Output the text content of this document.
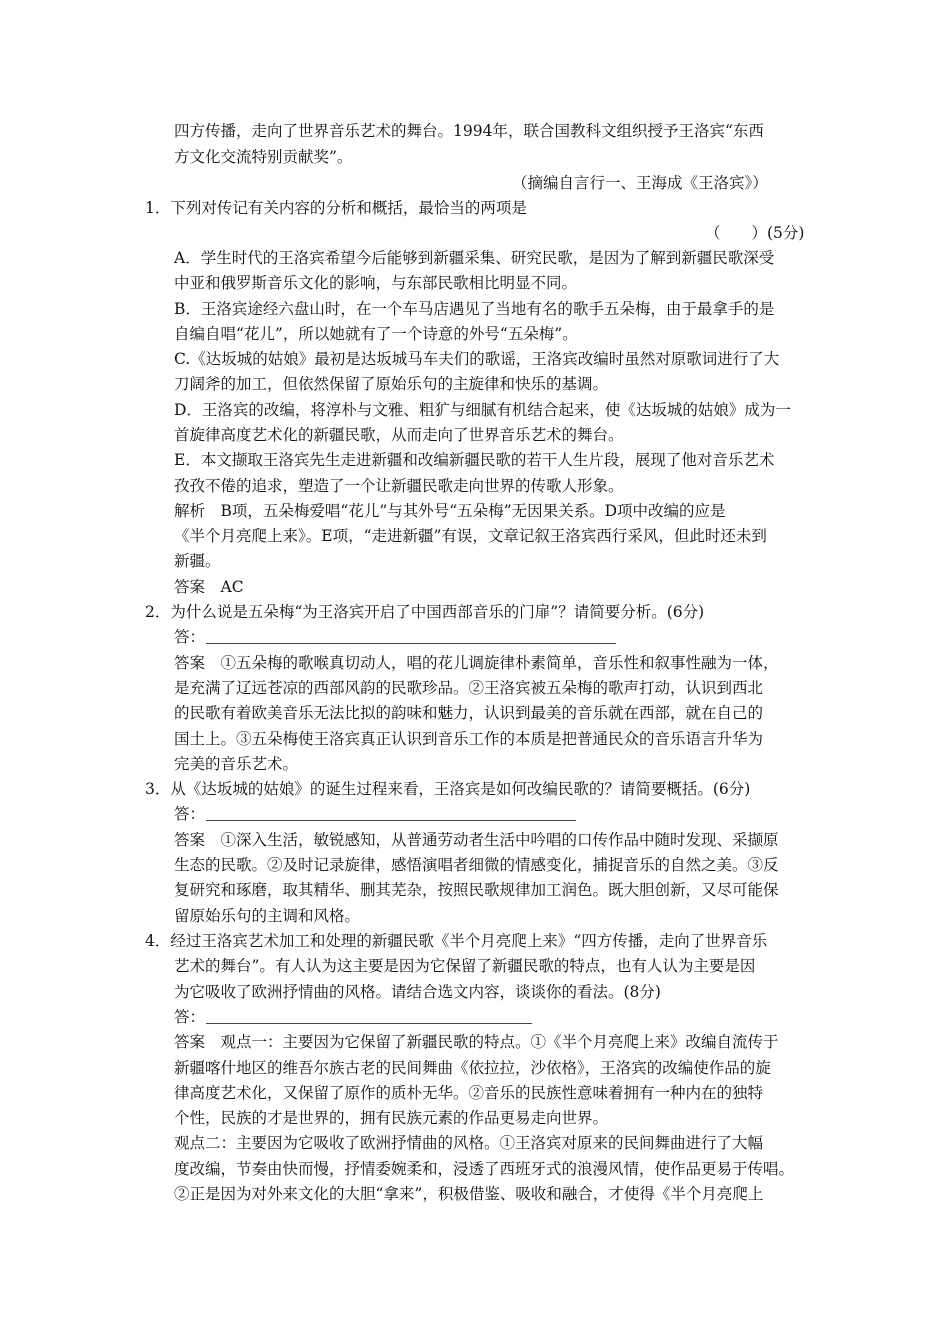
四方传播，走向了世界音乐艺术的舞台。1994年，联合国教科文组织授予王洛宾“东西
方文化交流特别贡献奖”。
（摘编自言行一、王海成《王洛宾》）
1．下列对传记有关内容的分析和概括，最恰当的两项是
（　　）(5分)
A．学生时代的王洛宾希望今后能够到新疆采集、研究民歌，是因为了解到新疆民歌深受
中亚和俄罗斯音乐文化的影响，与东部民歌相比明显不同。
B．王洛宾途经六盘山时，在一个车马店遇见了当地有名的歌手五朵梅，由于最拿手的是
自编自唱“花儿”，所以她就有了一个诗意的外号“五朵梅”。
C.《达坂城的姑娘》最初是达坂城马车夫们的歌谣，王洛宾改编时虽然对原歌词进行了大
刀阔斧的加工，但依然保留了原始乐句的主旋律和快乐的基调。
D．王洛宾的改编，将淳朴与文雅、粗犷与细腻有机结合起来，使《达坂城的姑娘》成为一
首旋律高度艺术化的新疆民歌，从而走向了世界音乐艺术的舞台。
E．本文撷取王洛宾先生走进新疆和改编新疆民歌的若干人生片段，展现了他对音乐艺术
孜孜不倦的追求，塑造了一个让新疆民歌走向世界的传歌人形象。
解析　B项，五朵梅爱唱“花儿”与其外号“五朵梅”无因果关系。D项中改编的应是
《半个月亮爬上来》。E项，“走进新疆”有误，文章记叙王洛宾西行采风，但此时还未到
新疆。
答案　AC
2．为什么说是五朵梅“为王洛宾开启了中国西部音乐的门扉”？请简要分析。(6分)
答：
答案　①五朵梅的歌喉真切动人，唱的花儿调旋律朴素简单，音乐性和叙事性融为一体，
是充满了辽远苍凉的西部风韵的民歌珍品。②王洛宾被五朵梅的歌声打动，认识到西北
的民歌有着欧美音乐无法比拟的韵味和魅力，认识到最美的音乐就在西部，就在自己的
国土上。③五朵梅使王洛宾真正认识到音乐工作的本质是把普通民众的音乐语言升华为
完美的音乐艺术。
3．从《达坂城的姑娘》的诞生过程来看，王洛宾是如何改编民歌的？请简要概括。(6分)
答：
答案　①深入生活，敏锐感知，从普通劳动者生活中吟唱的口传作品中随时发现、采撷原
生态的民歌。②及时记录旋律，感悟演唱者细微的情感变化，捕捉音乐的自然之美。③反
复研究和琢磨，取其精华、删其芜杂，按照民歌规律加工润色。既大胆创新，又尽可能保
留原始乐句的主调和风格。
4．经过王洛宾艺术加工和处理的新疆民歌《半个月亮爬上来》“四方传播，走向了世界音乐
艺术的舞台”。有人认为这主要是因为它保留了新疆民歌的特点，也有人认为主要是因
为它吸收了欧洲抒情曲的风格。请结合选文内容，谈谈你的看法。(8分)
答：
答案　观点一：主要因为它保留了新疆民歌的特点。①《半个月亮爬上来》改编自流传于
新疆喀什地区的维吾尔族古老的民间舞曲《依拉拉，沙依格》，王洛宾的改编使作品的旋
律高度艺术化，又保留了原作的质朴无华。②音乐的民族性意味着拥有一种内在的独特
个性，民族的才是世界的，拥有民族元素的作品更易走向世界。
观点二：主要因为它吸收了欧洲抒情曲的风格。①王洛宾对原来的民间舞曲进行了大幅
度改编，节奏由快而慢，抒情委婉柔和，浸透了西班牙式的浪漫风情，使作品更易于传唱。
②正是因为对外来文化的大胆“拿来”，积极借鉴、吸收和融合，才使得《半个月亮爬上
